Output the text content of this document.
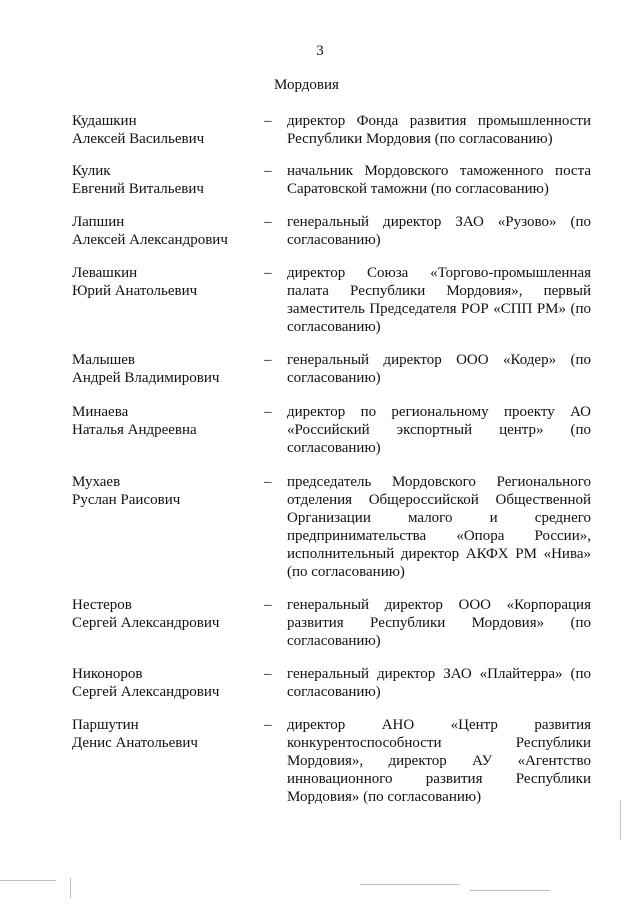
3
Мордовия
Кудашкин
Алексей Васильевич
– директор Фонда развития промышленности Республики Мордовия (по согласованию)
Кулик
Евгений Витальевич
– начальник Мордовского таможенного поста Саратовской таможни (по согласованию)
Лапшин
Алексей Александрович
– генеральный директор ЗАО «Рузово» (по согласованию)
Левашкин
Юрий Анатольевич
– директор Союза «Торгово-промышленная палата Республики Мордовия», первый заместитель Председателя РОР «СПП РМ» (по согласованию)
Малышев
Андрей Владимирович
– генеральный директор ООО «Кодер» (по согласованию)
Минаева
Наталья Андреевна
– директор по региональному проекту АО «Российский экспортный центр» (по согласованию)
Мухаев
Руслан Раисович
– председатель Мордовского Регионального отделения Общероссийской Общественной Организации малого и среднего предпринимательства «Опора России», исполнительный директор АКФХ РМ «Нива» (по согласованию)
Нестеров
Сергей Александрович
– генеральный директор ООО «Корпорация развития Республики Мордовия» (по согласованию)
Никоноров
Сергей Александрович
– генеральный директор ЗАО «Плайтерра» (по согласованию)
Паршутин
Денис Анатольевич
– директор АНО «Центр развития конкурентоспособности Республики Мордовия», директор АУ «Агентство инновационного развития Республики Мордовия» (по согласованию)
